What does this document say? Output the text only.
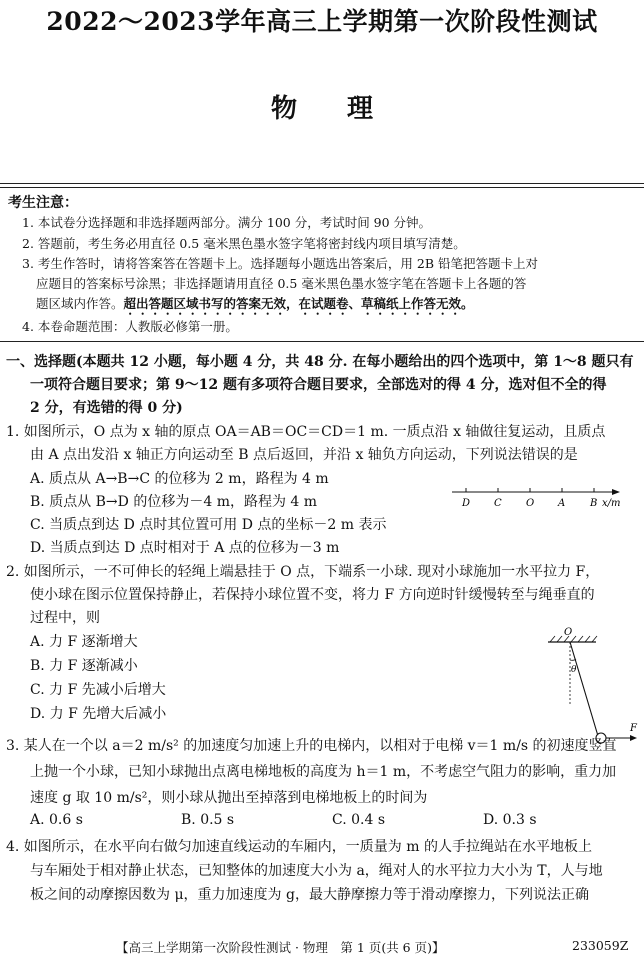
2022～2023学年高三上学期第一次阶段性测试
物理
考生注意：
1. 本试卷分选择题和非选择题两部分。满分 100 分，考试时间 90 分钟。
2. 答题前，考生务必用直径 0.5 毫米黑色墨水签字笔将密封线内项目填写清楚。
3. 考生作答时，请将答案答在答题卡上。选择题每小题选出答案后，用 2B 铅笔把答题卡上对
应题目的答案标号涂黑；非选择题请用直径 0.5 毫米黑色墨水签字笔在答题卡上各题的答
题区域内作答。超出答题区域书写的答案无效，在试题卷、草稿纸上作答无效。
4. 本卷命题范围：人教版必修第一册。
一、选择题(本题共 12 小题，每小题 4 分，共 48 分. 在每小题给出的四个选项中，第 1～8 题只有
一项符合题目要求；第 9～12 题有多项符合题目要求，全部选对的得 4 分，选对但不全的得
2 分，有选错的得 0 分)
1. 如图所示，O 点为 x 轴的原点 OA＝AB＝OC＝CD＝1 m. 一质点沿 x 轴做往复运动，且质点
由 A 点出发沿 x 轴正方向运动至 B 点后返回，并沿 x 轴负方向运动，下列说法错误的是
A. 质点从 A→B→C 的位移为 2 m，路程为 4 m
B. 质点从 B→D 的位移为－4 m，路程为 4 m
C. 当质点到达 D 点时其位置可用 D 点的坐标－2 m 表示
D. 当质点到达 D 点时相对于 A 点的位移为－3 m
D C O A B x/m
2. 如图所示，一不可伸长的轻绳上端悬挂于 O 点，下端系一小球. 现对小球施加一水平拉力 F，
使小球在图示位置保持静止，若保持小球位置不变，将力 F 方向逆时针缓慢转至与绳垂直的
过程中，则
A. 力 F 逐渐增大
B. 力 F 逐渐减小
C. 力 F 先减小后增大
D. 力 F 先增大后减小
O
θ
F
3. 某人在一个以 a＝2 m/s² 的加速度匀加速上升的电梯内，以相对于电梯 v＝1 m/s 的初速度竖直
上抛一个小球，已知小球抛出点离电梯地板的高度为 h＝1 m，不考虑空气阻力的影响，重力加
速度 g 取 10 m/s²，则小球从抛出至掉落到电梯地板上的时间为
A. 0.6 s	B. 0.5 s	C. 0.4 s	D. 0.3 s
4. 如图所示，在水平向右做匀加速直线运动的车厢内，一质量为 m 的人手拉绳站在水平地板上
与车厢处于相对静止状态，已知整体的加速度大小为 a，绳对人的水平拉力大小为 T，人与地
板之间的动摩擦因数为 μ，重力加速度为 g，最大静摩擦力等于滑动摩擦力，下列说法正确
【高三上学期第一次阶段性测试 · 物理　第 1 页(共 6 页)】	233059Z
